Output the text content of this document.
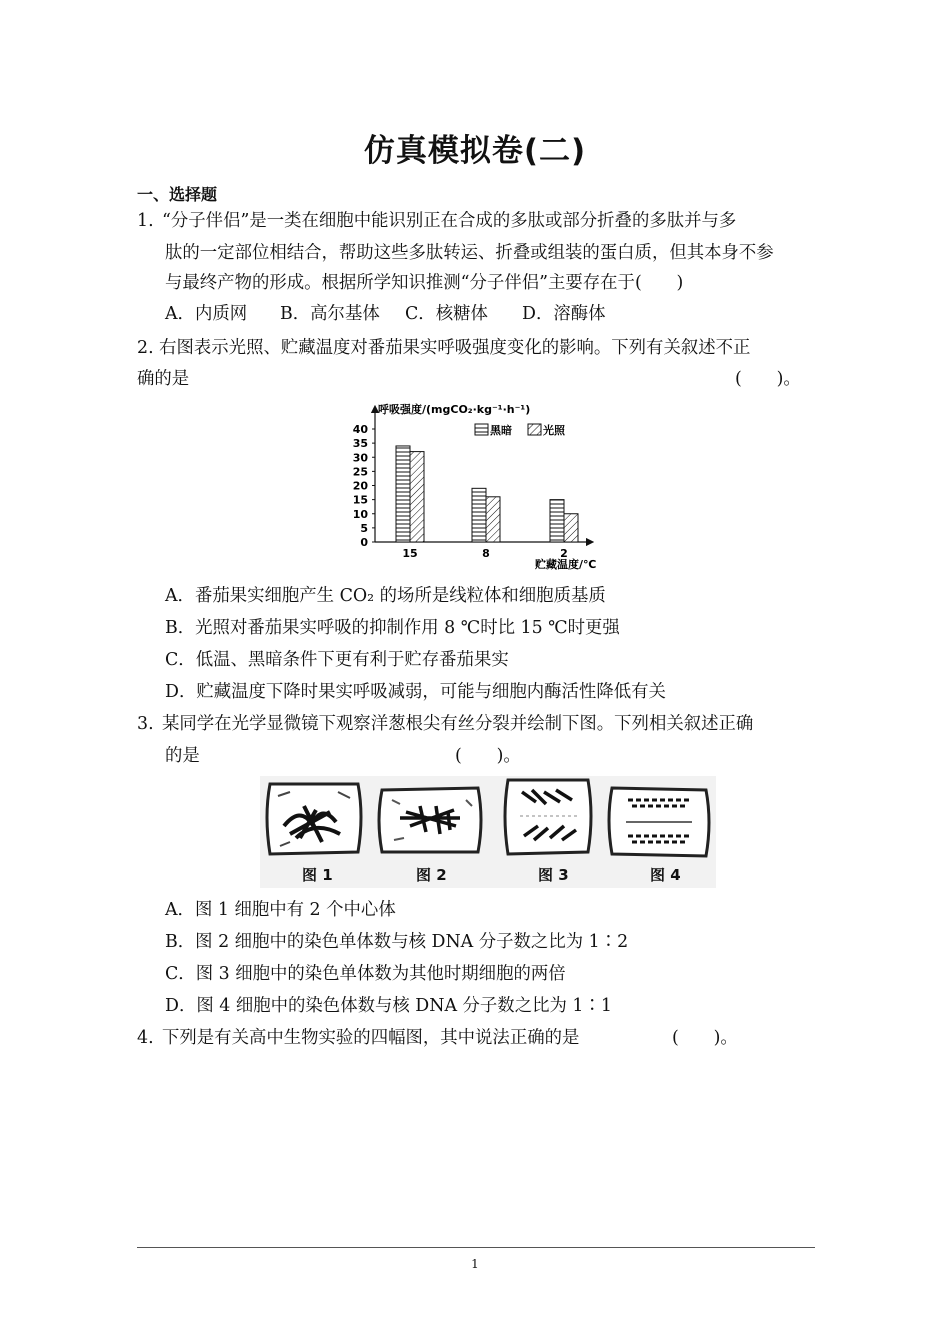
仿真模拟卷(二)
一、选择题
1. “分子伴侣”是一类在细胞中能识别正在合成的多肽或部分折叠的多肽并与多
肽的一定部位相结合，帮助这些多肽转运、折叠或组装的蛋白质，但其本身不参
与最终产物的形成。根据所学知识推测“分子伴侣”主要存在于(　　)
A．内质网 B．高尔基体 C．核糖体 D．溶酶体
2. 右图表示光照、贮藏温度对番茄果实呼吸强度变化的影响。下列有关叙述不正
确的是	(　　)。
呼吸强度/(mgCO₂·kg⁻¹·h⁻¹)
40
35
30
25
20
15
10
5
0
15	8	2
黑暗	光照
贮藏温度/℃
A．番茄果实细胞产生 CO₂ 的场所是线粒体和细胞质基质
B．光照对番茄果实呼吸的抑制作用 8 ℃时比 15 ℃时更强
C．低温、黑暗条件下更有利于贮存番茄果实
D．贮藏温度下降时果实呼吸减弱，可能与细胞内酶活性降低有关
3. 某同学在光学显微镜下观察洋葱根尖有丝分裂并绘制下图。下列相关叙述正确
的是	(　　)。
图 1	图 2	图 3	图 4
A．图 1 细胞中有 2 个中心体
B．图 2 细胞中的染色单体数与核 DNA 分子数之比为 1∶2
C．图 3 细胞中的染色单体数为其他时期细胞的两倍
D．图 4 细胞中的染色体数与核 DNA 分子数之比为 1∶1
4. 下列是有关高中生物实验的四幅图，其中说法正确的是	(　　)。
1
